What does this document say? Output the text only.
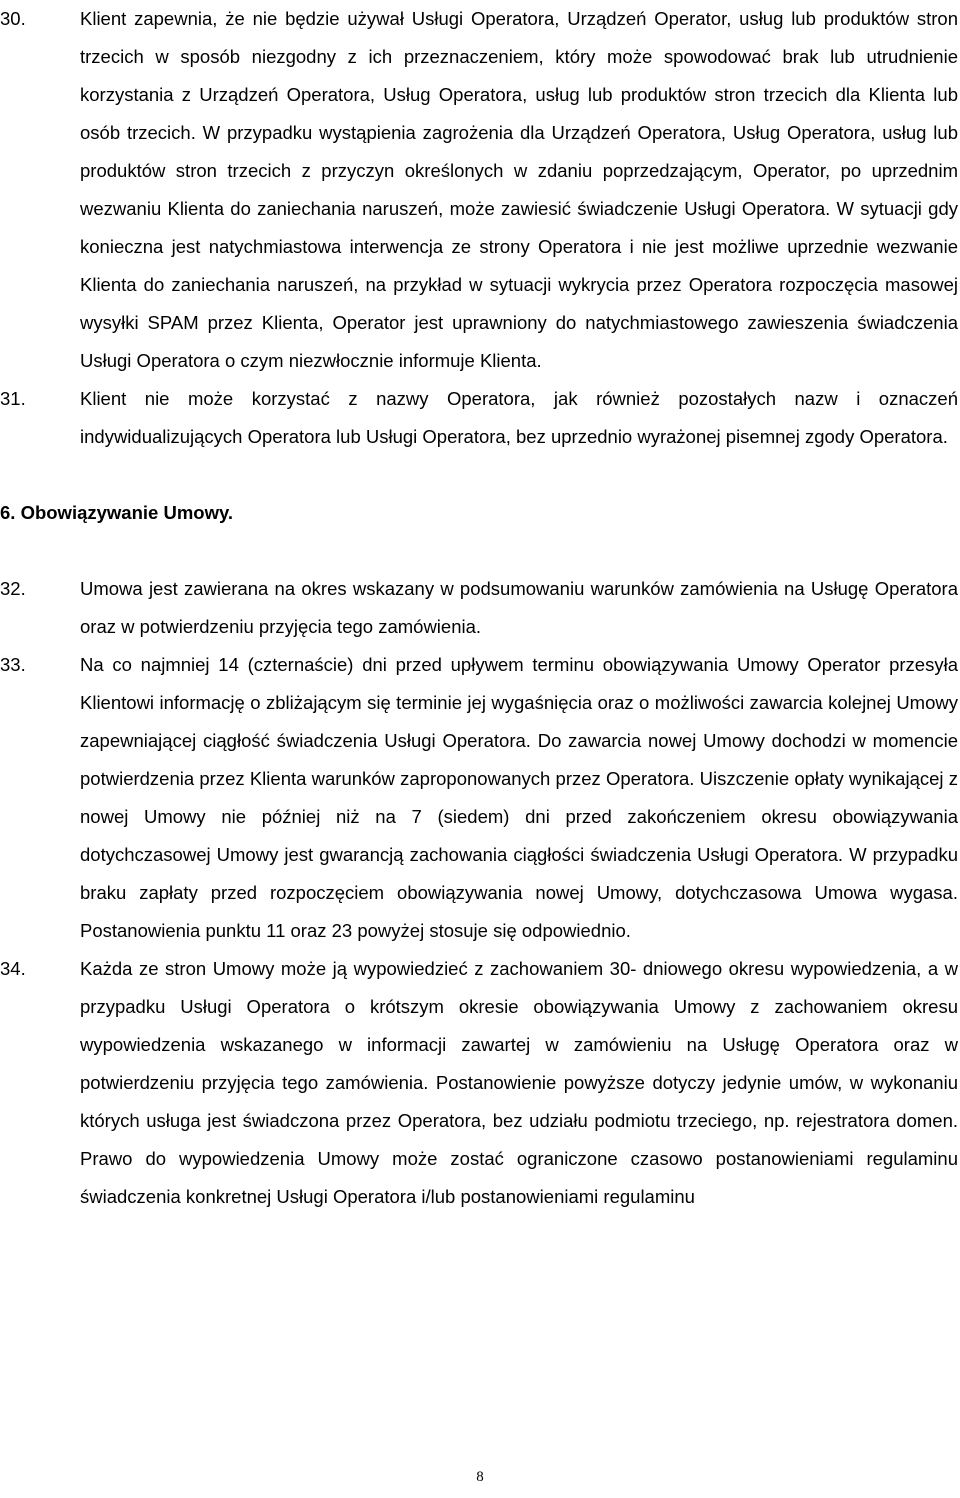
30.	Klient zapewnia, że nie będzie używał Usługi Operatora, Urządzeń Operator, usług lub produktów stron trzecich w sposób niezgodny z ich przeznaczeniem, który może spowodować brak lub utrudnienie korzystania z Urządzeń Operatora, Usług Operatora, usług lub produktów stron trzecich dla Klienta lub osób trzecich. W przypadku wystąpienia zagrożenia dla Urządzeń Operatora, Usług Operatora, usług lub produktów stron trzecich z przyczyn określonych w zdaniu poprzedzającym, Operator, po uprzednim wezwaniu Klienta do zaniechania naruszeń, może zawiesić świadczenie Usługi Operatora. W sytuacji gdy konieczna jest natychmiastowa interwencja ze strony Operatora i nie jest możliwe uprzednie wezwanie Klienta do zaniechania naruszeń, na przykład w sytuacji wykrycia przez Operatora rozpoczęcia masowej wysyłki SPAM przez Klienta, Operator jest uprawniony do natychmiastowego zawieszenia świadczenia Usługi Operatora o czym niezwłocznie informuje Klienta.
31.	Klient nie może korzystać z nazwy Operatora, jak również pozostałych nazw i oznaczeń indywidualizujących Operatora lub Usługi Operatora, bez uprzednio wyrażonej pisemnej zgody Operatora.
6. Obowiązywanie Umowy.
32.	Umowa jest zawierana na okres wskazany w podsumowaniu warunków zamówienia na Usługę Operatora oraz w potwierdzeniu przyjęcia tego zamówienia.
33.	Na co najmniej 14 (czternaście) dni przed upływem terminu obowiązywania Umowy Operator przesyła Klientowi informację o zbliżającym się terminie jej wygaśnięcia oraz o możliwości zawarcia kolejnej Umowy zapewniającej ciągłość świadczenia Usługi Operatora. Do zawarcia nowej Umowy dochodzi w momencie potwierdzenia przez Klienta warunków zaproponowanych przez Operatora. Uiszczenie opłaty wynikającej z nowej Umowy nie później niż na 7 (siedem) dni przed zakończeniem okresu obowiązywania dotychczasowej Umowy jest gwarancją zachowania ciągłości świadczenia Usługi Operatora. W przypadku braku zapłaty przed rozpoczęciem obowiązywania nowej Umowy, dotychczasowa Umowa wygasa. Postanowienia punktu 11 oraz 23 powyżej stosuje się odpowiednio.
34.	Każda ze stron Umowy może ją wypowiedzieć z zachowaniem 30- dniowego okresu wypowiedzenia, a w przypadku Usługi Operatora o krótszym okresie obowiązywania Umowy z zachowaniem okresu wypowiedzenia wskazanego w informacji zawartej w zamówieniu na Usługę Operatora oraz w potwierdzeniu przyjęcia tego zamówienia. Postanowienie powyższe dotyczy jedynie umów, w wykonaniu których usługa jest świadczona przez Operatora, bez udziału podmiotu trzeciego, np. rejestratora domen. Prawo do wypowiedzenia Umowy może zostać ograniczone czasowo postanowieniami regulaminu świadczenia konkretnej Usługi Operatora i/lub postanowieniami regulaminu
8
